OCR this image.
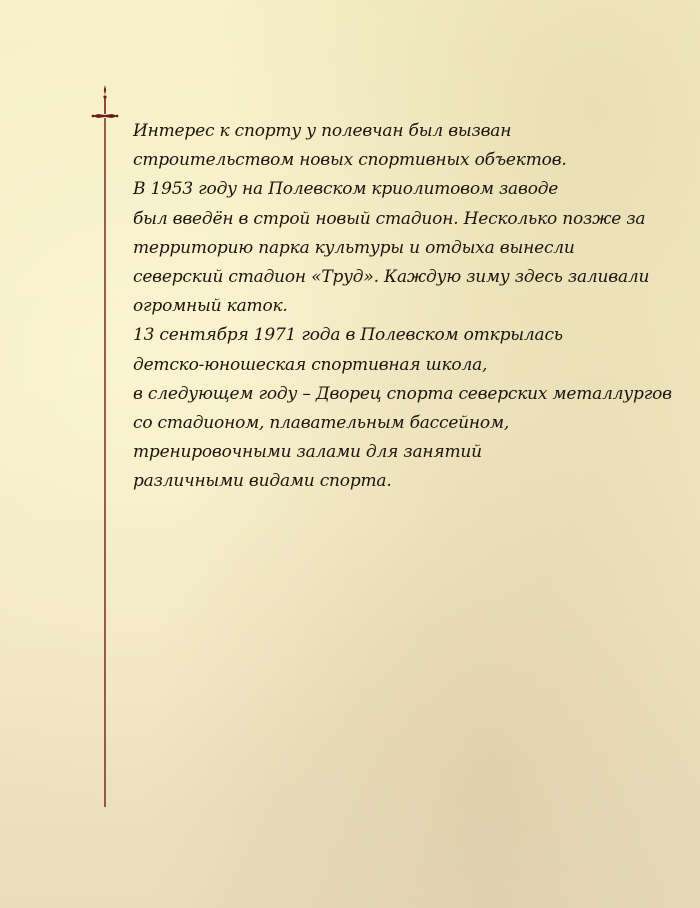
Интерес к спорту у полевчан был вызван
строительством новых спортивных объектов.
В 1953 году на Полевском криолитовом заводе
был введён в строй новый стадион. Несколько позже за
территорию парка культуры и отдыха вынесли
северский стадион «Труд». Каждую зиму здесь заливали
огромный каток.
13 сентября 1971 года в Полевском открылась
детско-юношеская спортивная школа,
в следующем году – Дворец спорта северских металлургов
со стадионом, плавательным бассейном,
тренировочными залами для занятий
различными видами спорта.
